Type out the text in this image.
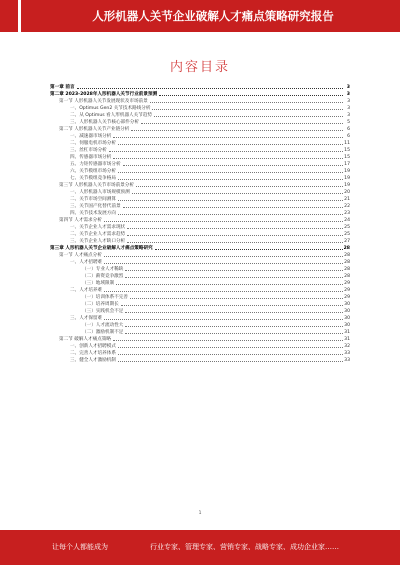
人形机器人关节企业破解人才痛点策略研究报告
内容目录
第一章 前言	3
第二章 2023-2028年人形机器人关节行业前景预测	3
第一节 人形机器人关节发展现状及市场前景	3
一、Optimus Gen2 关节技术路线分析	3
二、从 Optimus 看人形机器人关节趋势	3
三、人形机器人关节核心部件分析	5
第二节 人形机器人关节产业链分析	6
一、减速器市场分析	6
二、伺服电机市场分析	11
三、丝杠市场分析	15
四、传感器市场分析	15
五、力矩传感器市场分析	17
六、关节模组市场分析	19
七、关节模组竞争格局	19
第三节 人形机器人关节市场前景分析	19
一、人形机器人市场规模预测	20
二、关节市场空间测算	21
三、关节国产化替代前景	22
四、关节技术发展方向	23
第四节 人才需求分析	24
一、关节企业人才需求现状	25
二、关节企业人才需求趋势	25
三、关节企业人才缺口分析	27
第三章 人形机器人关节企业破解人才痛点策略研究	28
第一节 人才痛点分析	28
一、人才招聘难	28
（一）专业人才稀缺	28
（二）薪资竞争激烈	28
（三）地域限制	29
二、人才培养难	29
（一）培训体系不完善	29
（二）培养周期长	30
（三）实践机会不足	30
三、人才保留难	30
（一）人才流动性大	30
（二）激励机制不足	31
第二节 破解人才痛点策略	31
一、创新人才招聘模式	32
二、完善人才培养体系	33
三、健全人才激励机制	33
1
让每个人都能成为	行业专家、管理专家、营销专家、战略专家、成功企业家……
